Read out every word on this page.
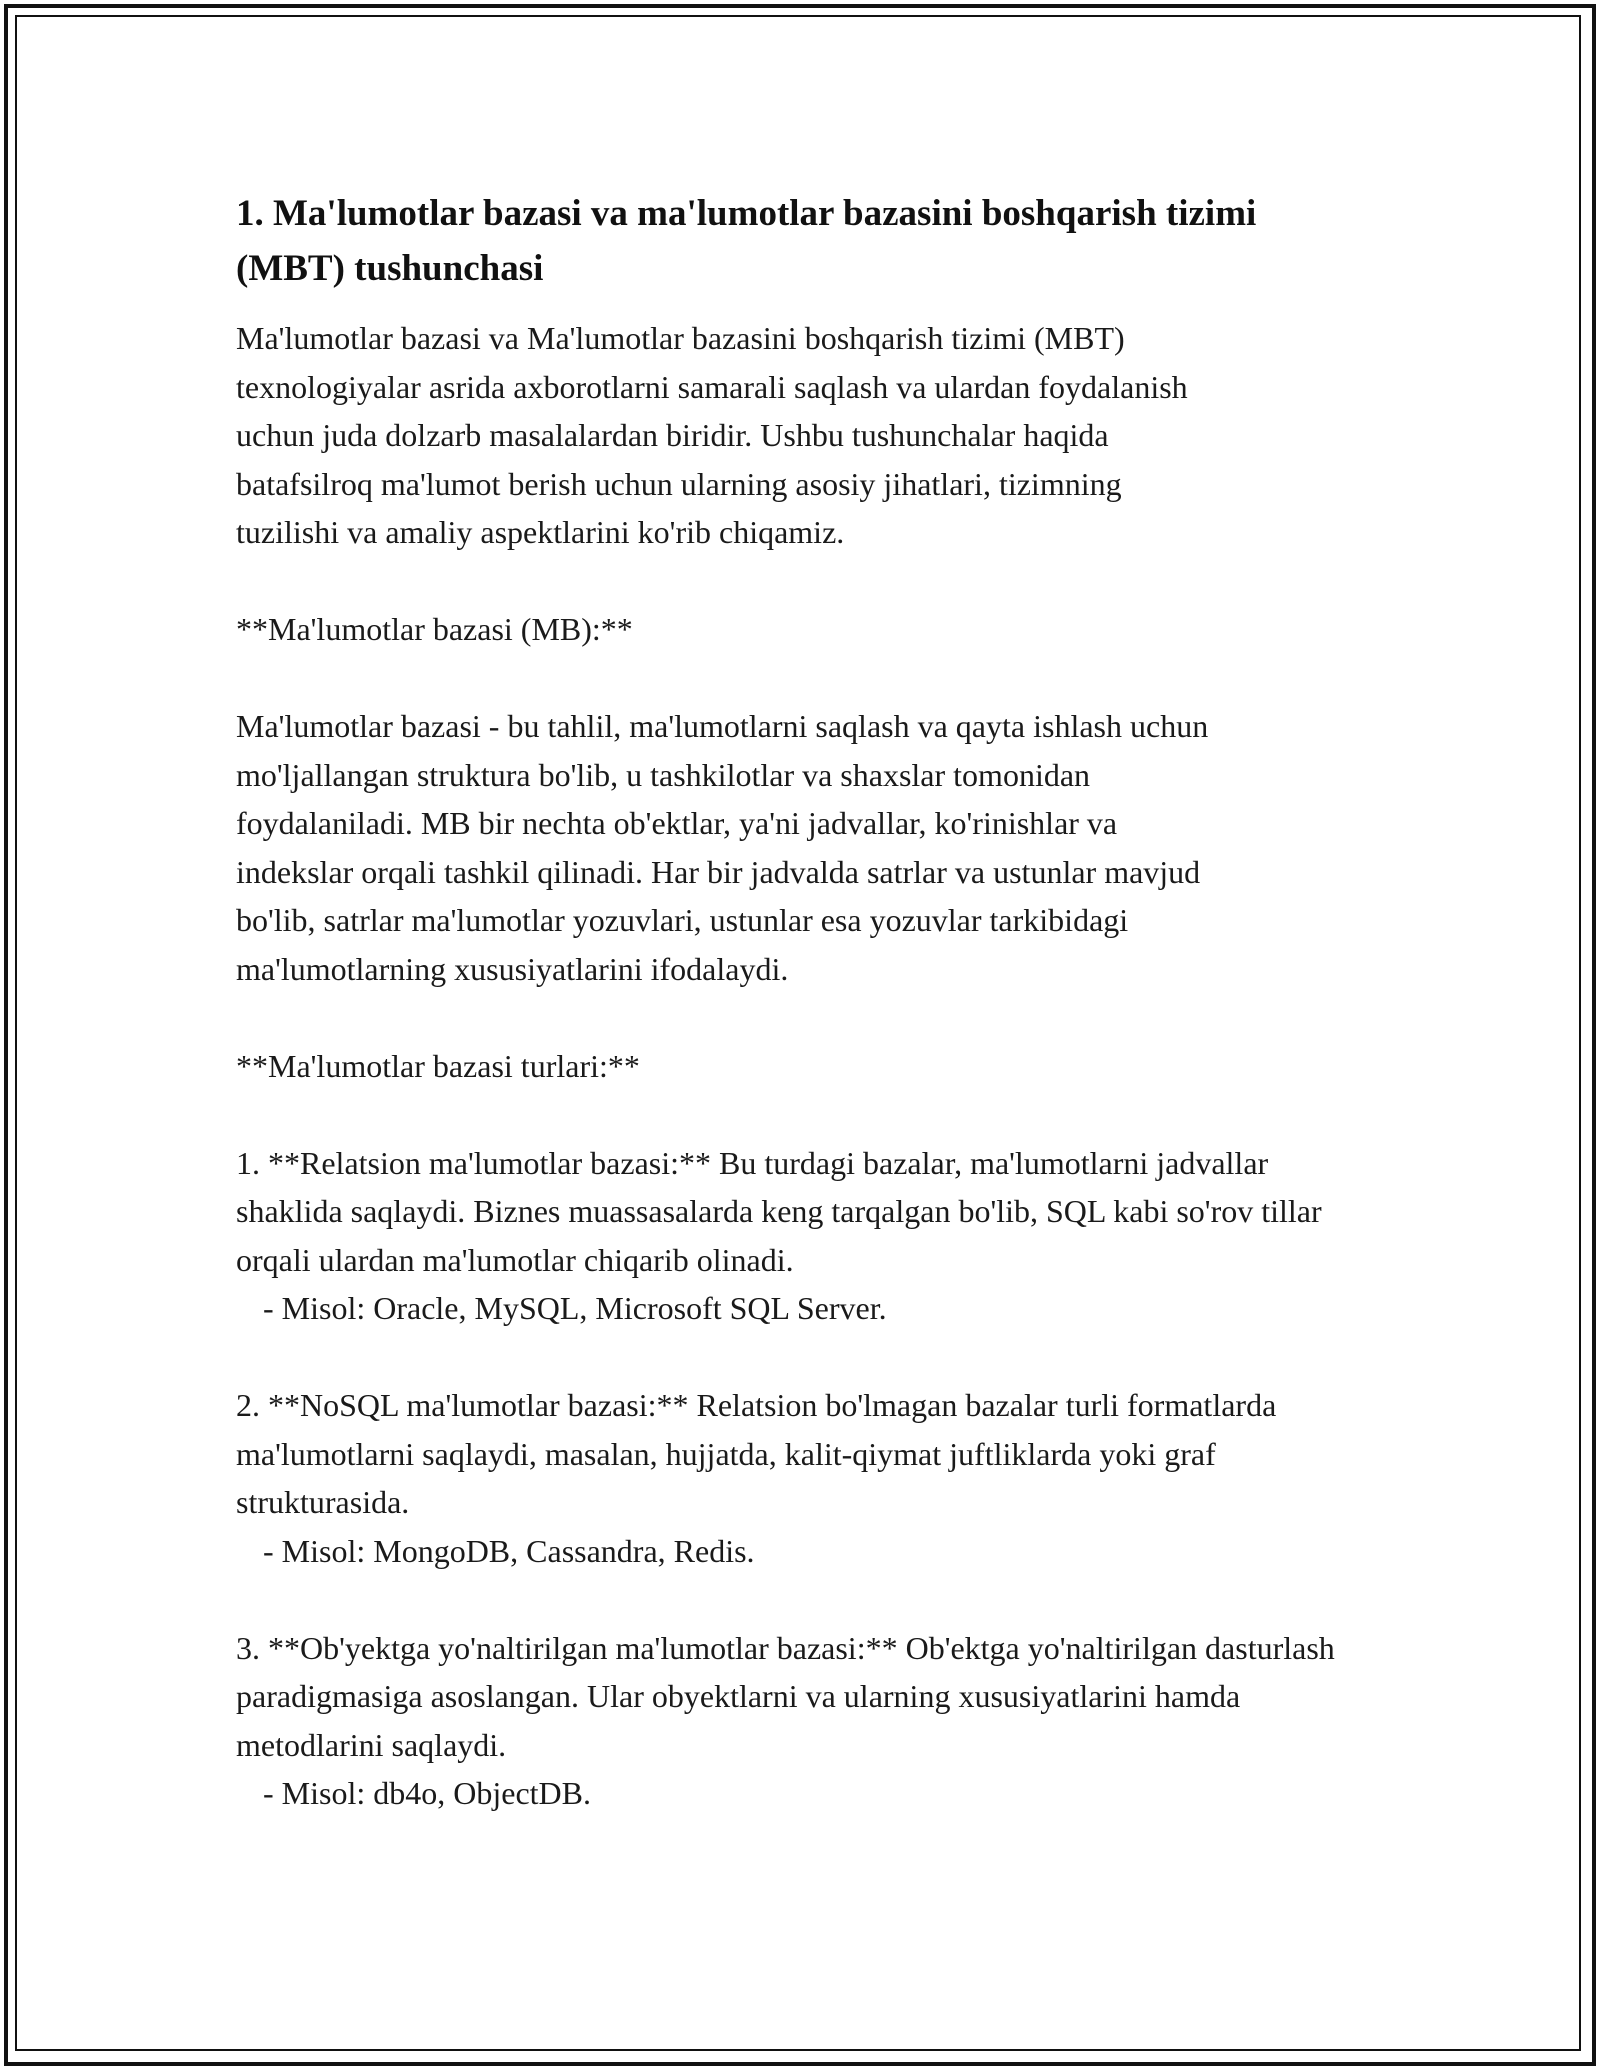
1. Ma'lumotlar bazasi va ma'lumotlar bazasini boshqarish tizimi (MBT) tushunchasi
Ma'lumotlar bazasi va Ma'lumotlar bazasini boshqarish tizimi (MBT)
texnologiyalar asrida axborotlarni samarali saqlash va ulardan foydalanish
uchun juda dolzarb masalalardan biridir. Ushbu tushunchalar haqida
batafsilroq ma'lumot berish uchun ularning asosiy jihatlari, tizimning
tuzilishi va amaliy aspektlarini ko'rib chiqamiz.
**Ma'lumotlar bazasi (MB):**
Ma'lumotlar bazasi - bu tahlil, ma'lumotlarni saqlash va qayta ishlash uchun
mo'ljallangan struktura bo'lib, u tashkilotlar va shaxslar tomonidan
foydalaniladi. MB bir nechta ob'ektlar, ya'ni jadvallar, ko'rinishlar va
indekslar orqali tashkil qilinadi. Har bir jadvalda satrlar va ustunlar mavjud
bo'lib, satrlar ma'lumotlar yozuvlari, ustunlar esa yozuvlar tarkibidagi
ma'lumotlarning xususiyatlarini ifodalaydi.
**Ma'lumotlar bazasi turlari:**
1. **Relatsion ma'lumotlar bazasi:** Bu turdagi bazalar, ma'lumotlarni jadvallar shaklida saqlaydi. Biznes muassasalarda keng tarqalgan bo'lib, SQL kabi so'rov tillar orqali ulardan ma'lumotlar chiqarib olinadi.
- Misol: Oracle, MySQL, Microsoft SQL Server.
2. **NoSQL ma'lumotlar bazasi:** Relatsion bo'lmagan bazalar turli formatlarda ma'lumotlarni saqlaydi, masalan, hujjatda, kalit-qiymat juftliklarda yoki graf strukturasida.
- Misol: MongoDB, Cassandra, Redis.
3. **Ob'yektga yo'naltirilgan ma'lumotlar bazasi:** Ob'ektga yo'naltirilgan dasturlash paradigmasiga asoslangan. Ular obyektlarni va ularning xususiyatlarini hamda metodlarini saqlaydi.
- Misol: db4o, ObjectDB.
